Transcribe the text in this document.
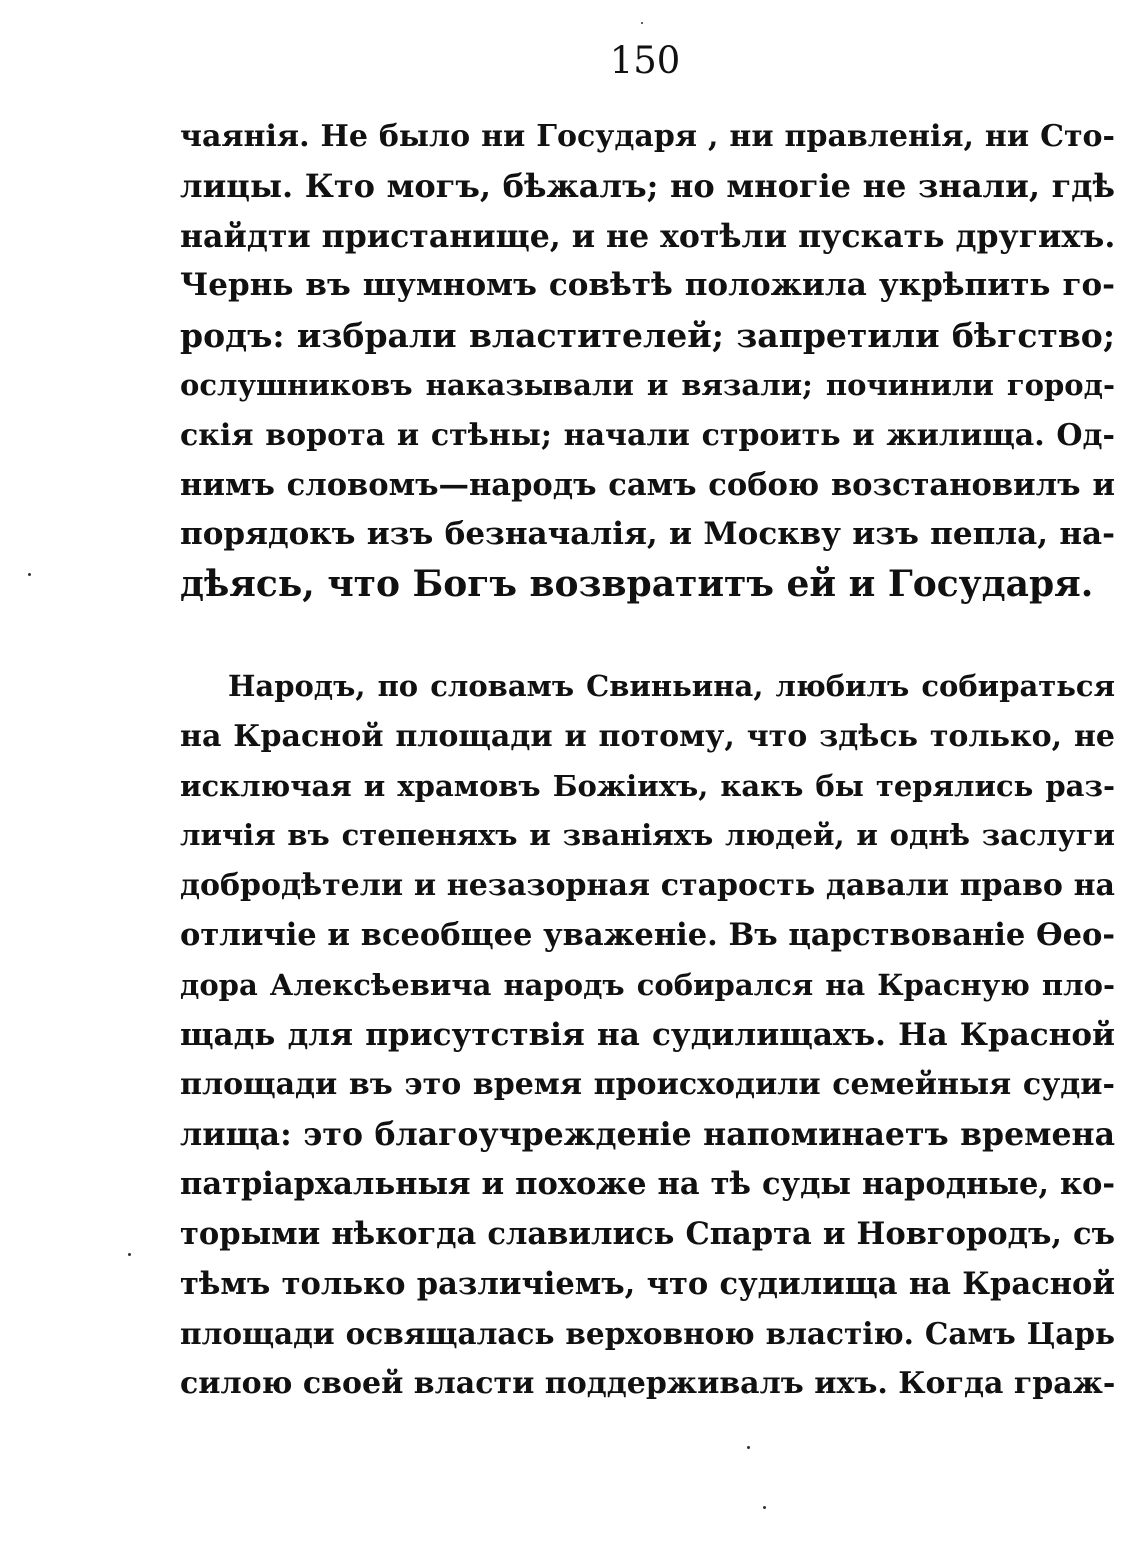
150
чаянія. Не было ни Государя , ни правленія, ни Сто-
лицы. Кто могъ, бѣжалъ; но многіе не знали, гдѣ
найдти пристанище, и не хотѣли пускать другихъ.
Чернь въ шумномъ совѣтѣ положила укрѣпить го-
родъ: избрали властителей; запретили бѣгство;
ослушниковъ наказывали и вязали; починили город-
скія ворота и стѣны; начали строить и жилища. Од-
нимъ словомъ—народъ самъ собою возстановилъ и
порядокъ изъ безначалія, и Москву изъ пепла, на-
дѣясь, что Богъ возвратитъ ей и Государя.
Народъ, по словамъ Свиньина, любилъ собираться
на Красной площади и потому, что здѣсь только, не
исключая и храмовъ Божіихъ, какъ бы терялись раз-
личія въ степеняхъ и званіяхъ людей, и однѣ заслуги
добродѣтели и незазорная старость давали право на
отличіе и всеобщее уваженіе. Въ царствованіе Ѳео-
дора Алексѣевича народъ собирался на Красную пло-
щадь для присутствія на судилищахъ. На Красной
площади въ это время происходили семейныя суди-
лища: это благоучрежденіе напоминаетъ времена
патріархальныя и похоже на тѣ суды народные, ко-
торыми нѣкогда славились Спарта и Новгородъ, съ
тѣмъ только различіемъ, что судилища на Красной
площади освящалась верховною властію. Самъ Царь
силою своей власти поддерживалъ ихъ. Когда граж-
